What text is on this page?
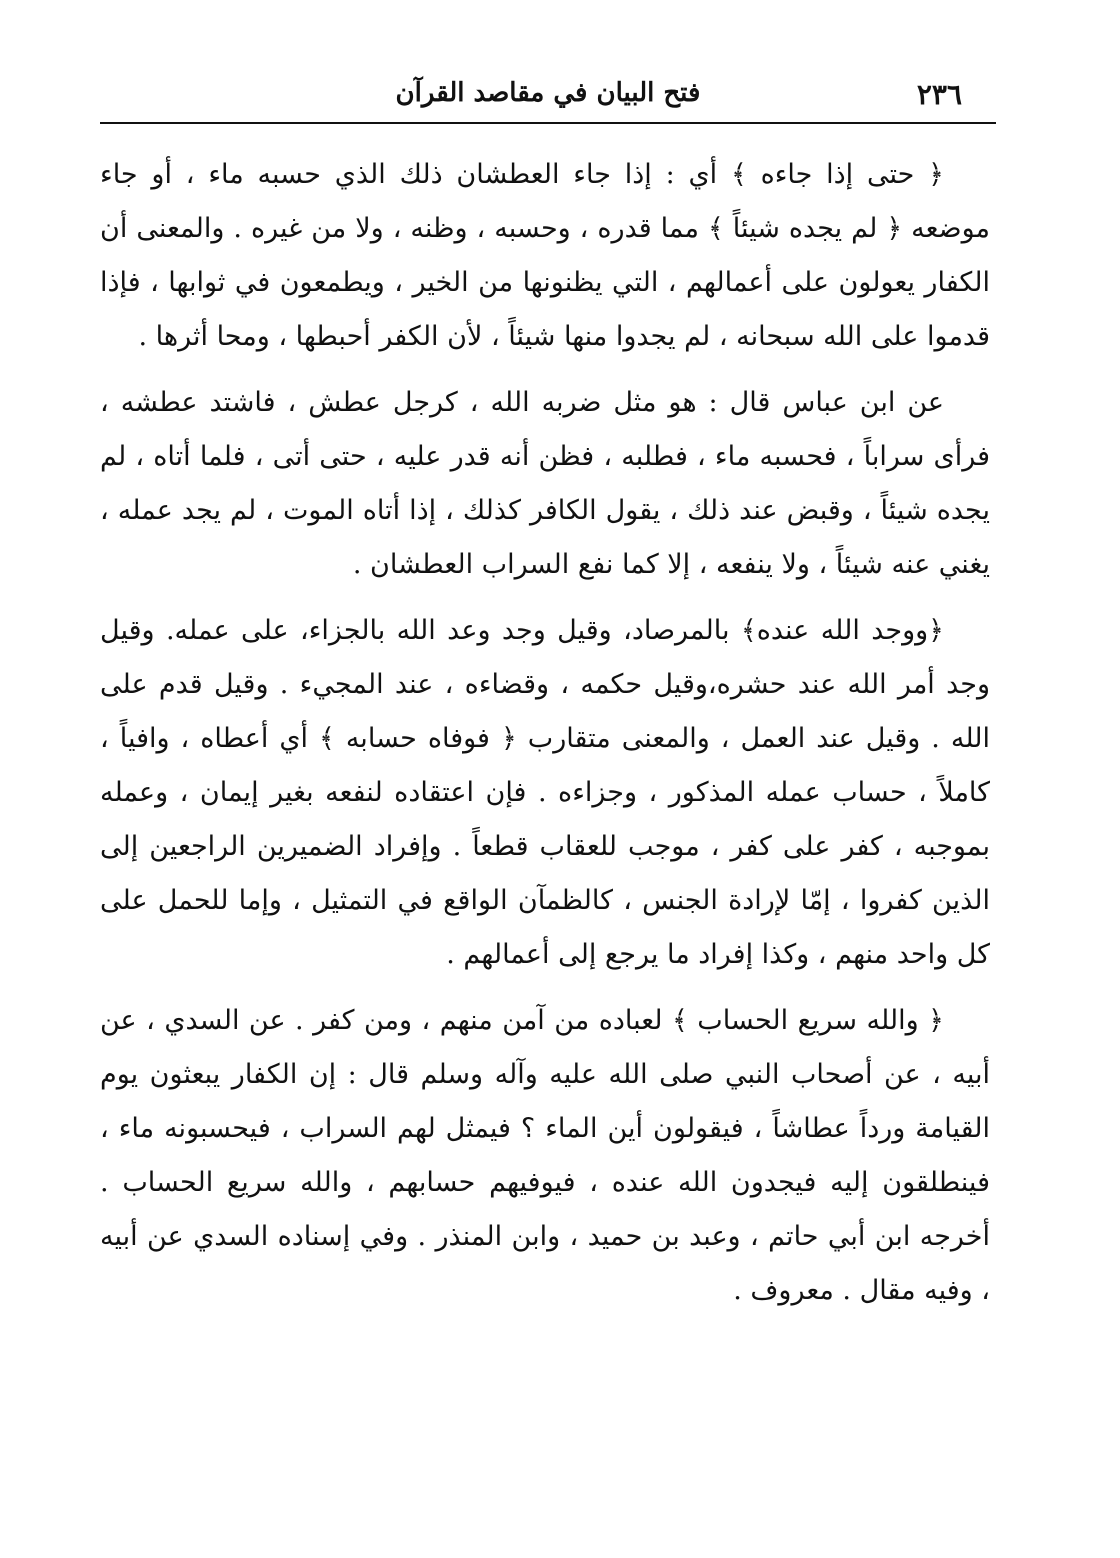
٢٣٦
فتح البيان في مقاصد القرآن

﴿ حتى إذا جاءه ﴾ أي : إذا جاء العطشان ذلك الذي حسبه ماء ، أو جاء موضعه ﴿ لم يجده شيئاً ﴾ مما قدره ، وحسبه ، وظنه ، ولا من غيره . والمعنى أن الكفار يعولون على أعمالهم ، التي يظنونها من الخير ، ويطمعون في ثوابها ، فإذا قدموا على الله سبحانه ، لم يجدوا منها شيئاً ، لأن الكفر أحبطها ، ومحا أثرها .

عن ابن عباس قال : هو مثل ضربه الله ، كرجل عطش ، فاشتد عطشه ، فرأى سراباً ، فحسبه ماء ، فطلبه ، فظن أنه قدر عليه ، حتى أتى ، فلما أتاه ، لم يجده شيئاً ، وقبض عند ذلك ، يقول الكافر كذلك ، إذا أتاه الموت ، لم يجد عمله ، يغني عنه شيئاً ، ولا ينفعه ، إلا كما نفع السراب العطشان .

﴿ووجد الله عنده﴾ بالمرصاد، وقيل وجد وعد الله بالجزاء، على عمله. وقيل وجد أمر الله عند حشره،وقيل حكمه ، وقضاءه ، عند المجيء . وقيل قدم على الله . وقيل عند العمل ، والمعنى متقارب ﴿ فوفاه حسابه ﴾ أي أعطاه ، وافياً ، كاملاً ، حساب عمله المذكور ، وجزاءه . فإن اعتقاده لنفعه بغير إيمان ، وعمله بموجبه ، كفر على كفر ، موجب للعقاب قطعاً . وإفراد الضميرين الراجعين إلى الذين كفروا ، إمّا لإرادة الجنس ، كالظمآن الواقع في التمثيل ، وإما للحمل على كل واحد منهم ، وكذا إفراد ما يرجع إلى أعمالهم .

﴿ والله سريع الحساب ﴾ لعباده من آمن منهم ، ومن كفر . عن السدي ، عن أبيه ، عن أصحاب النبي صلى الله عليه وآله وسلم قال : إن الكفار يبعثون يوم القيامة ورداً عطاشاً ، فيقولون أين الماء ؟ فيمثل لهم السراب ، فيحسبونه ماء ، فينطلقون إليه فيجدون الله عنده ، فيوفيهم حسابهم ، والله سريع الحساب . أخرجه ابن أبي حاتم ، وعبد بن حميد ، وابن المنذر . وفي إسناده السدي عن أبيه ، وفيه مقال . معروف .
